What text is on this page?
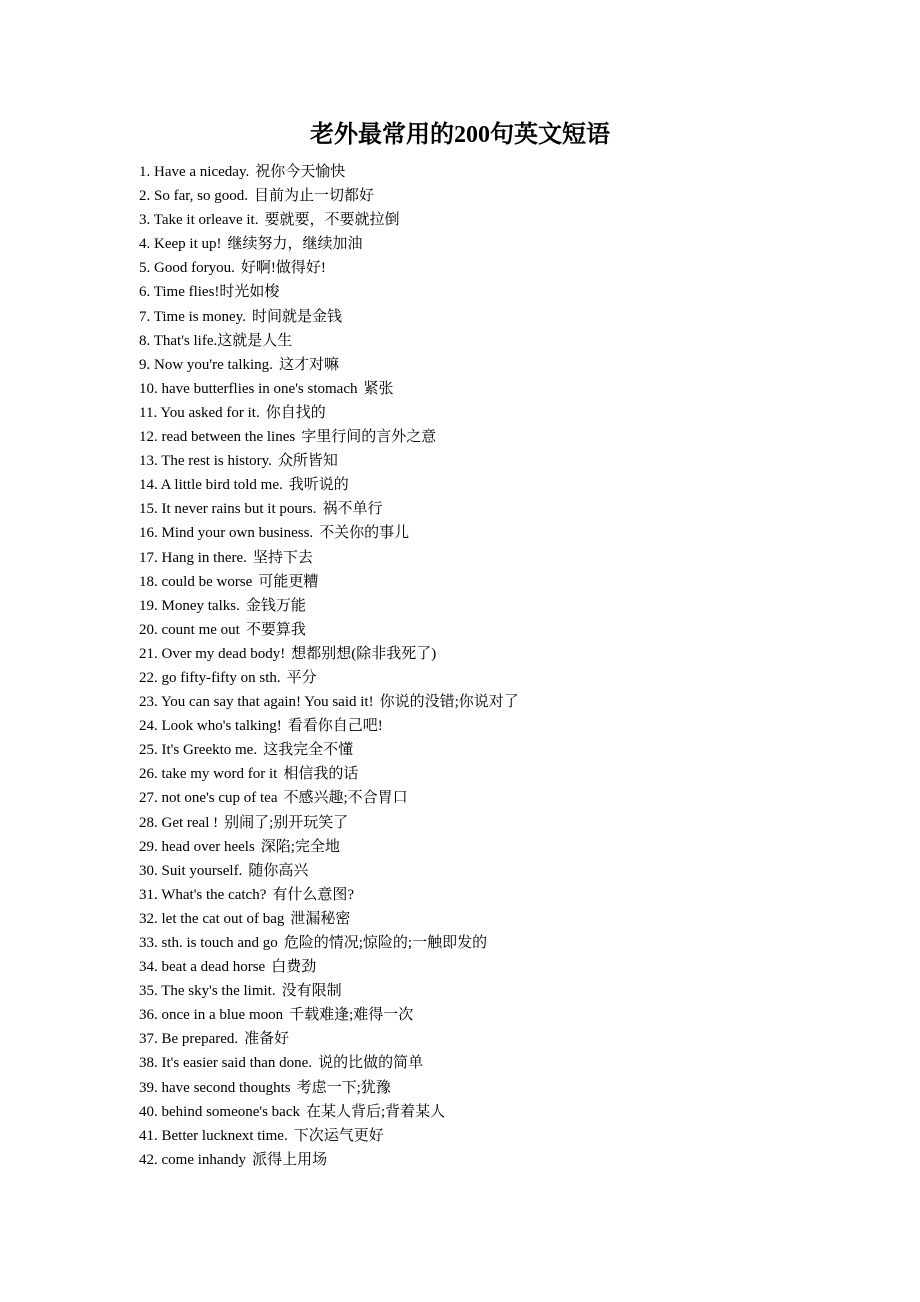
老外最常用的200句英文短语
1. Have a niceday. 祝你今天愉快
2. So far, so good. 目前为止一切都好
3. Take it orleave it. 要就要，不要就拉倒
4. Keep it up! 继续努力，继续加油
5. Good foryou. 好啊!做得好!
6. Time flies!时光如梭
7. Time is money. 时间就是金钱
8. That's life.这就是人生
9. Now you're talking. 这才对嘛
10. have butterflies in one's stomach 紧张
11. You asked for it. 你自找的
12. read between the lines 字里行间的言外之意
13. The rest is history. 众所皆知
14. A little bird told me. 我听说的
15. It never rains but it pours. 祸不单行
16. Mind your own business. 不关你的事儿
17. Hang in there. 坚持下去
18. could be worse 可能更糟
19. Money talks. 金钱万能
20. count me out 不要算我
21. Over my dead body! 想都别想(除非我死了)
22. go fifty-fifty on sth. 平分
23. You can say that again! You said it! 你说的没错;你说对了
24. Look who's talking! 看看你自己吧!
25. It's Greekto me. 这我完全不懂
26. take my word for it 相信我的话
27. not one's cup of tea 不感兴趣;不合胃口
28. Get real ! 别闹了;别开玩笑了
29. head over heels 深陷;完全地
30. Suit yourself. 随你高兴
31. What's the catch? 有什么意图?
32. let the cat out of bag 泄漏秘密
33. sth. is touch and go 危险的情况;惊险的;一触即发的
34. beat a dead horse 白费劲
35. The sky's the limit. 没有限制
36. once in a blue moon 千载难逢;难得一次
37. Be prepared. 准备好
38. It's easier said than done. 说的比做的简单
39. have second thoughts 考虑一下;犹豫
40. behind someone's back 在某人背后;背着某人
41. Better lucknext time. 下次运气更好
42. come inhandy 派得上用场
